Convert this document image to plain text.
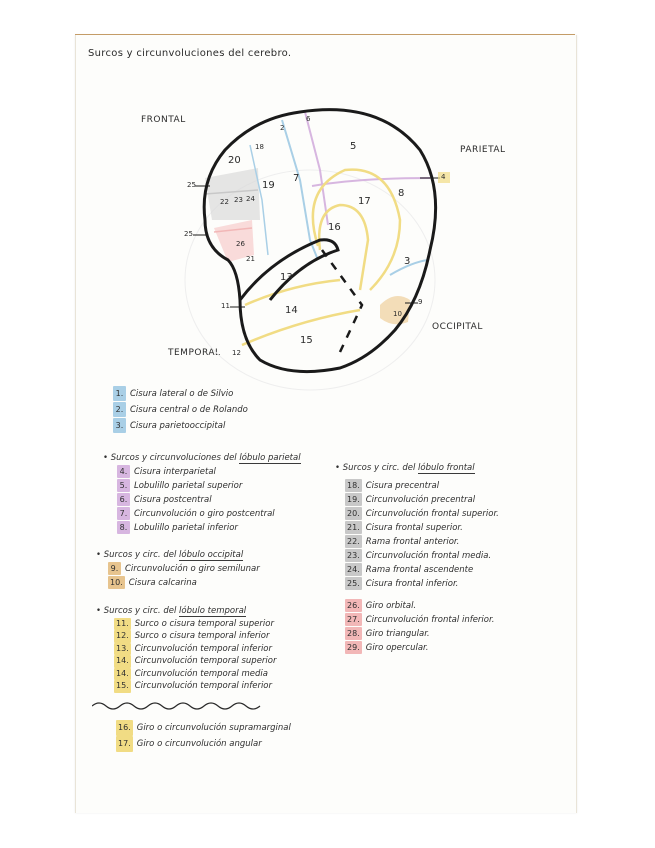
Surcos y circunvoluciones del cerebro.
FRONTAL
PARIETAL
OCCIPITAL
TEMPORAL
20
18
2
6
5
19
7
17
8
4
16
22 23 24
25
25
26
21	3
13
9
14	10
11
15
12
1. Cisura lateral o de Silvio
2. Cisura central o de Rolando
3. Cisura parietooccipital
• Surcos y circunvoluciones del lóbulo parietal
4. Cisura interparietal
5. Lobulillo parietal superior
6. Cisura postcentral
7. Circunvolución o giro postcentral
8. Lobulillo parietal inferior
• Surcos y circ. del lóbulo occipital
9. Circunvolución o giro semilunar
10. Cisura calcarina
• Surcos y circ. del lóbulo temporal
11. Surco o cisura temporal superior
12. Surco o cisura temporal inferior
13. Circunvolución temporal inferior
14. Circunvolución temporal superior
14. Circunvolución temporal media
15. Circunvolución temporal inferior
16. Giro o circunvolución supramarginal
17. Giro o circunvolución angular
• Surcos y circ. del lóbulo frontal
18. Cisura precentral
19. Circunvolución precentral
20. Circunvolución frontal superior.
21. Cisura frontal superior.
22. Rama frontal anterior.
23. Circunvolución frontal media.
24. Rama frontal ascendente
25. Cisura frontal inferior.
26. Giro orbital.
27. Circunvolución frontal inferior.
28. Giro triangular.
29. Giro opercular.
